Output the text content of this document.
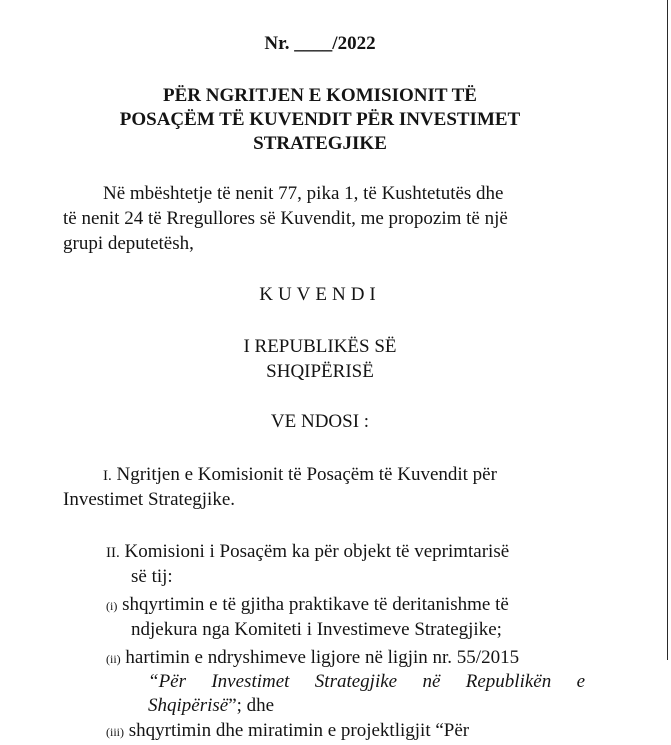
Nr. ____/2022
PËR NGRITJEN E KOMISIONIT TË
POSAÇËM TË KUVENDIT PËR INVESTIMET
STRATEGJIKE
Në mbështetje të nenit 77, pika 1, të Kushtetutës dhe
të nenit 24 të Rregullores së Kuvendit, me propozim të një
grupi deputetësh,
KUVENDI
I REPUBLIKËS SË
SHQIPËRISË
VE NDOSI :
I. Ngritjen e Komisionit të Posaçëm të Kuvendit për
Investimet Strategjike.
II. Komisioni i Posaçëm ka për objekt të veprimtarisë
së tij:
(i) shqyrtimin e të gjitha praktikave të deritanishme të
ndjekura nga Komiteti i Investimeve Strategjike;
(ii) hartimin e ndryshimeve ligjore në ligjin nr. 55/2015
“Për Investimet Strategjike në Republikën e
Shqipërisë”; dhe
(iii) shqyrtimin dhe miratimin e projektligjit “Për
